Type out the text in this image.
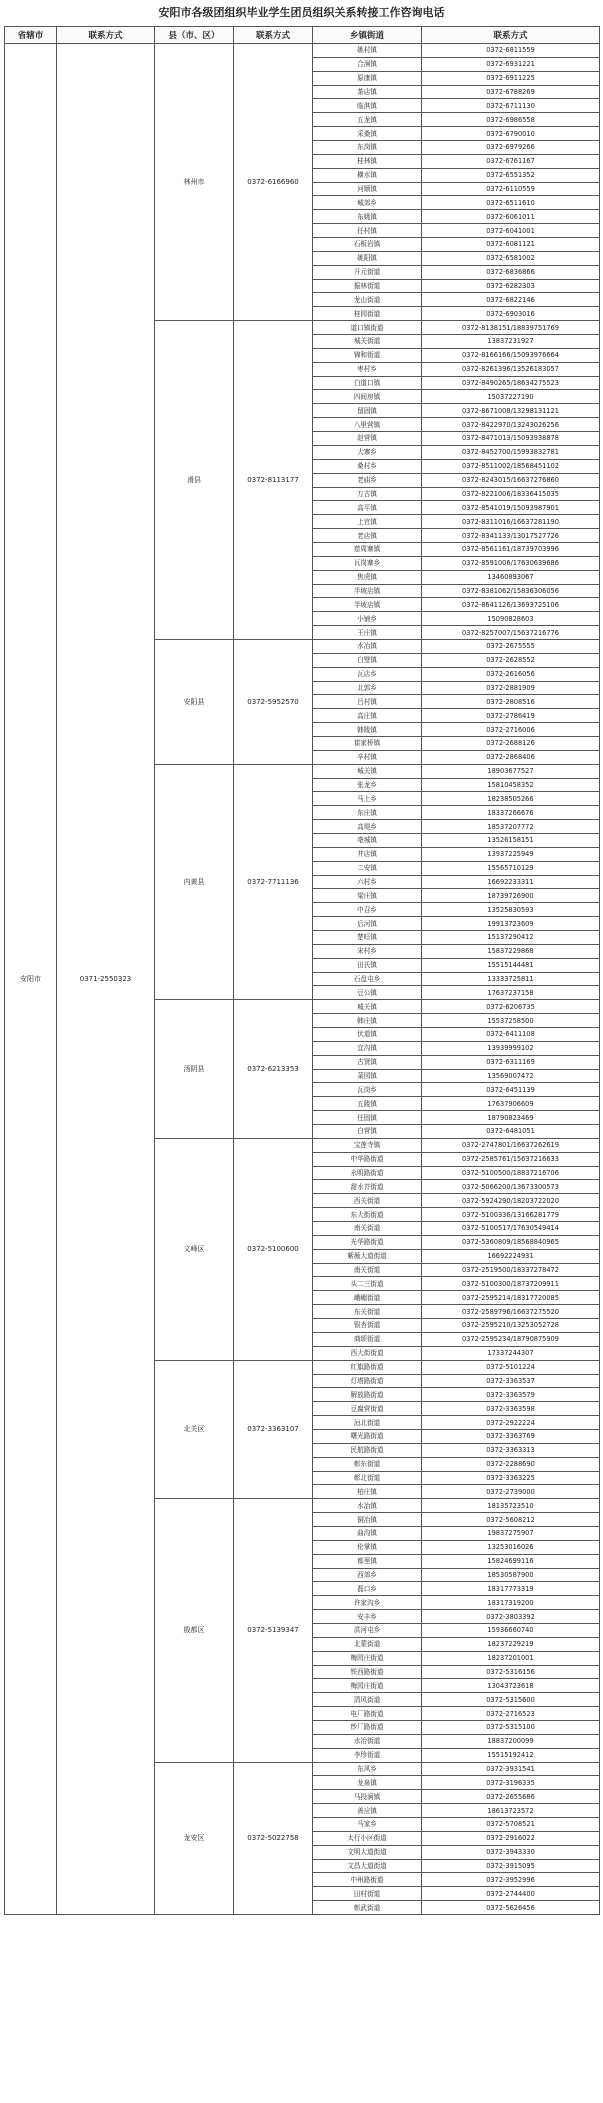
安阳市各级团组织毕业学生团员组织关系转接工作咨询电话
省辖市	联系方式	县（市、区）	联系方式	乡镇街道	联系方式
安阳市	0371-2550323	林州市	0372-6166960	姚村镇	0372-6811559
				合涧镇	0372-6931221
				原康镇	0372-6911225
				茶店镇	0372-6788269
				临淇镇	0372-6711130
				五龙镇	0372-6986558
				采桑镇	0372-6790010
				东岗镇	0372-6979266
				桂林镇	0372-6761167
				横水镇	0372-6551352
				河顺镇	0372-6110559
				城郊乡	0372-6511610
				东姚镇	0372-6061011
				任村镇	0372-6041001
				石板岩镇	0372-6081121
				姚阳镇	0372-6581002
				开元街道	0372-6836866
				振林街道	0372-6282303
				龙山街道	0372-6822146
				桂园街道	0372-6903016
		滑县	0372-8113177	道口镇街道	0372-8138151/18839751769
				城关街道	13837231927
				锦和街道	0372-8166166/15093976664
				枣村乡	0372-8261396/13526183057
				白道口镇	0372-8490265/18634275523
				四间房镇	15037227190
				留固镇	0372-8671008/13298131121
				八里营镇	0372-8422970/13243026256
				赵营镇	0372-8471013/15093938878
				大寨乡	0372-8452700/15993832781
				桑村乡	0372-8511002/18568451102
				老庙乡	0372-8243015/16637276860
				万古镇	0372-8221006/18336415035
				高平镇	0372-8541019/15093987901
				上官镇	0372-8311016/16637281190
				老店镇	0372-8341133/13017527726
				慈周寨镇	0372-8561161/18739703996
				瓦岗寨乡	0372-8591006/17630639686
				焦虎镇	13460893067
				半坡店镇	0372-8381062/15836306056
				半坡店镇	0372-8641126/13693725106
				小铺乡	15090828603
				王庄镇	0372-8257007/15637216776
		安阳县	0372-5952570	水冶镇	0372-2675555
				白璧镇	0372-2628552
				瓦店乡	0372-2616056
				北郭乡	0372-2881909
				吕村镇	0372-2808516
				高庄镇	0372-2786419
				韩陵镇	0372-2716006
				崔家桥镇	0372-2688126
				辛村镇	0372-2868406
		内黄县	0372-7711136	城关镇	18903677527
				张龙乡	15810458352
				马上乡	18238505266
				东庄镇	18337266676
				高堤乡	18537207772
				亳城镇	13526158151
				井店镇	13937225949
				二安镇	15565710129
				六村乡	16692233311
				梁庄镇	18739726900
				中召乡	13525830593
				后河镇	19913723609
				楚旺镇	15137290412
				宋村乡	15837229868
				田氏镇	15515144481
				石盘屯乡	13333725811
				豆公镇	17637237158
		汤阴县	0372-6213353	城关镇	0372-6206735
				韩庄镇	15537258500
				伏道镇	0372-6411108
				宜沟镇	13939999102
				古贤镇	0372-6311169
				菜园镇	13569007472
				瓦岗乡	0372-6451139
				五陵镇	17637906609
				任固镇	18790823469
				白营镇	0372-6481051
		文峰区	0372-5100600	宝莲寺镇	0372-2747801/16637262619
				中华路街道	0372-2585761/15637216633
				永明路街道	0372-5100500/18837216706
				甜水井街道	0372-5066200/13673300573
				西关街道	0372-5924290/18203722020
				东大街街道	0372-5100336/13166281779
				南关街道	0372-5100517/17630549414
				光华路街道	0372-5360809/18568840965
				紫薇大道街道	16692224931
				南关街道	0372-2519500/18337278472
				头二三街道	0372-5100300/18737209911
				峨嵋街道	0372-2595214/18317720085
				东关街道	0372-2589796/16637275520
				银杏街道	0372-2595210/13253052728
				商颂街道	0372-2595234/18790875909
				西大街街道	17337244307
		北关区	0372-3363107	红旗路街道	0372-5101224
				灯塔路街道	0372-3363537
				解放路街道	0372-3363579
				豆腐营街道	0372-3363598
				洹北街道	0372-2922224
				曙光路街道	0372-3363769
				民航路街道	0372-3363313
				彰东街道	0372-2288690
				彰北街道	0372-3363225
				柏庄镇	0372-2739000
		殷都区	0372-5139347	水冶镇	18135723510
				铜冶镇	0372-5608212
				曲沟镇	19837275907
				伦掌镇	13253016026
				都里镇	15824699116
				西郊乡	18530587900
				磊口乡	18317773319
				许家沟乡	18317319200
				安丰乡	0372-3803392
				洪河屯乡	15936660740
				北蒙街道	18237229219
				梅园庄街道	18237201001
				铁西路街道	0372-5316156
				梅园庄街道	13043723618
				清风街道	0372-5315600
				电厂路街道	0372-2716523
				纱厂路街道	0372-5315100
				水冶街道	18837200099
				李珍街道	15515192412
		龙安区	0372-5022758	东风乡	0372-3931541
				龙泉镇	0372-3196335
				马投涧镇	0372-2655686
				善应镇	18613723572
				马家乡	0372-5708521
				太行小区街道	0372-2916022
				文明大道街道	0372-3943330
				文昌大道街道	0372-3915095
				中州路街道	0372-3952996
				田村街道	0372-2744400
				彰武街道	0372-5626456
